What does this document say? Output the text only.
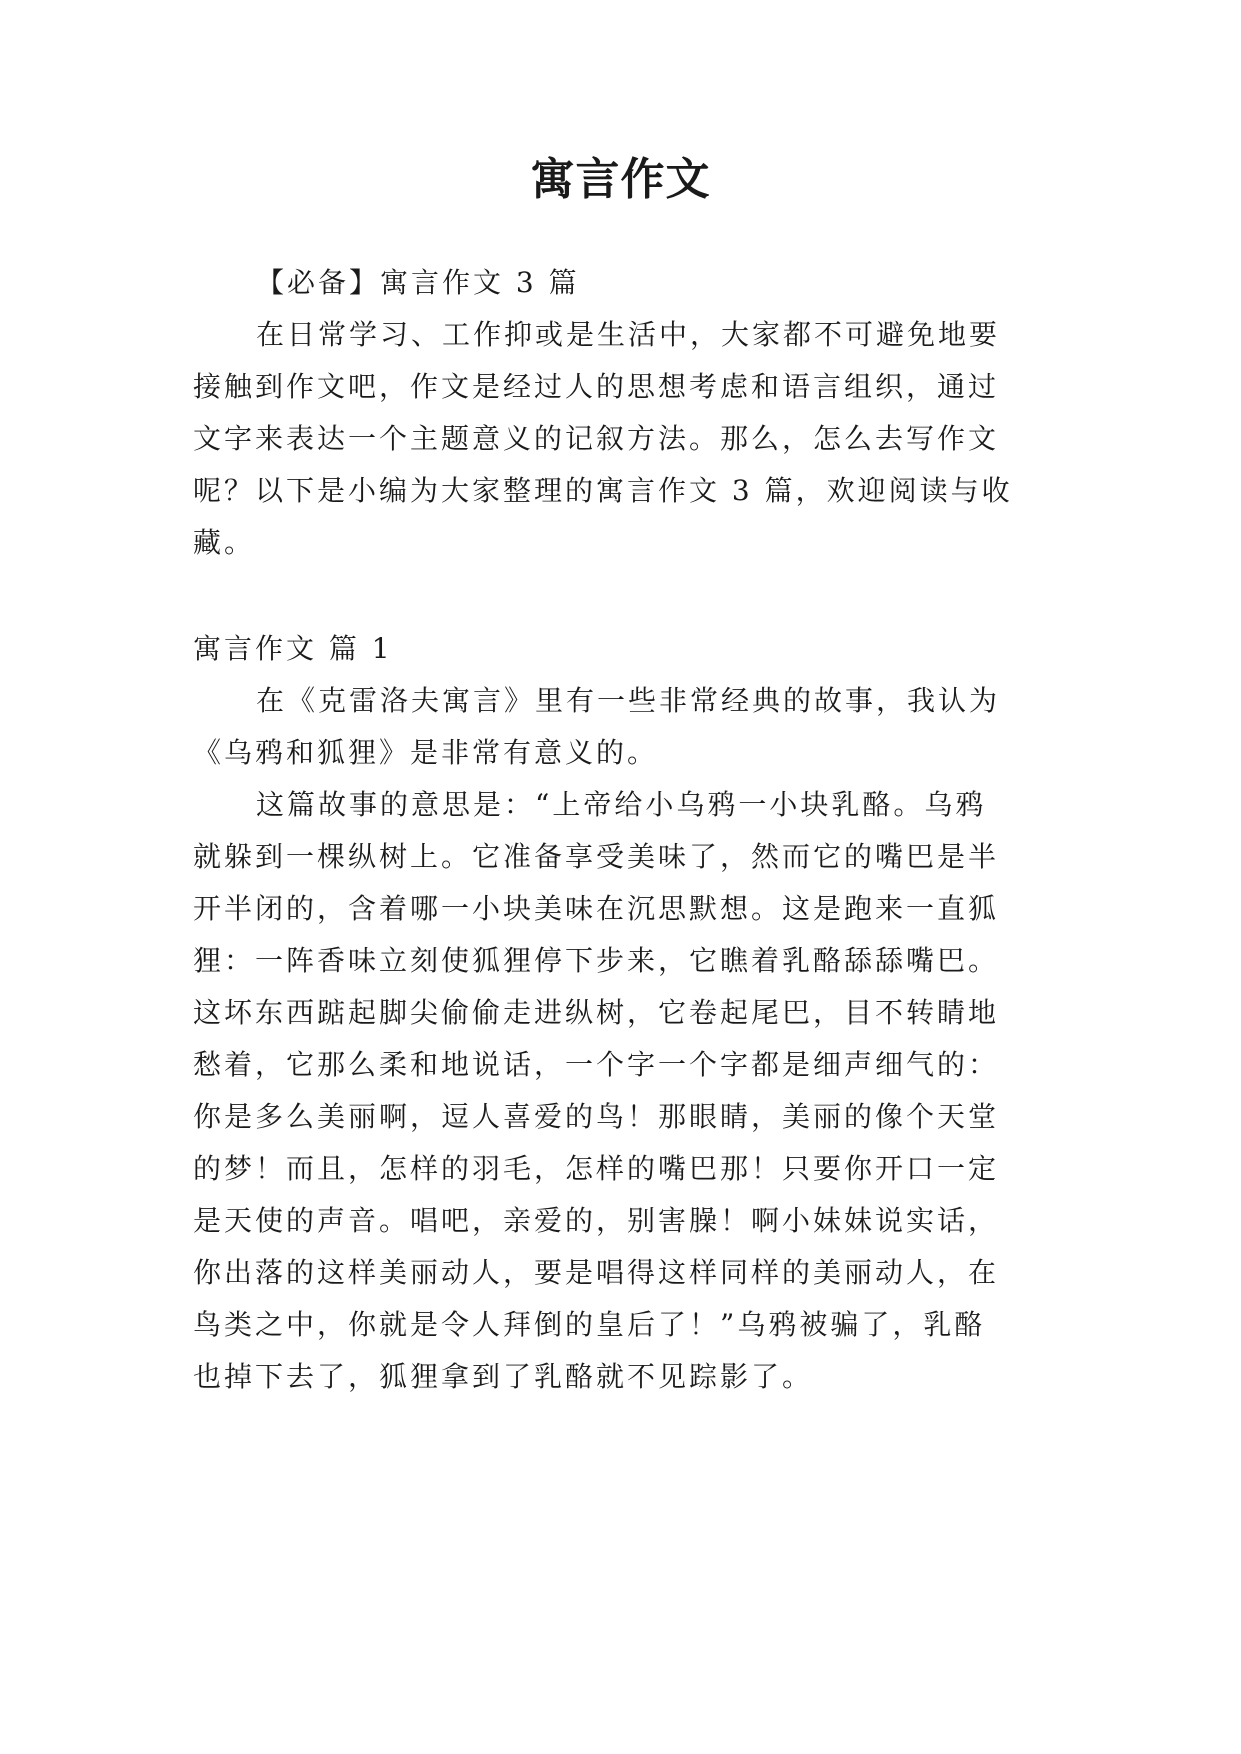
寓言作文
【必备】寓言作文 3 篇
在日常学习、工作抑或是生活中，大家都不可避免地要
接触到作文吧，作文是经过人的思想考虑和语言组织，通过
文字来表达一个主题意义的记叙方法。那么，怎么去写作文
呢？以下是小编为大家整理的寓言作文 3 篇，欢迎阅读与收
藏。
寓言作文 篇 1
在《克雷洛夫寓言》里有一些非常经典的故事，我认为
《乌鸦和狐狸》是非常有意义的。
这篇故事的意思是：“上帝给小乌鸦一小块乳酪。乌鸦
就躲到一棵纵树上。它准备享受美味了，然而它的嘴巴是半
开半闭的，含着哪一小块美味在沉思默想。这是跑来一直狐
狸：一阵香味立刻使狐狸停下步来，它瞧着乳酪舔舔嘴巴。
这坏东西踮起脚尖偷偷走进纵树，它卷起尾巴，目不转睛地
愁着，它那么柔和地说话，一个字一个字都是细声细气的：
你是多么美丽啊，逗人喜爱的鸟！那眼睛，美丽的像个天堂
的梦！而且，怎样的羽毛，怎样的嘴巴那！只要你开口一定
是天使的声音。唱吧，亲爱的，别害臊！啊小妹妹说实话，
你出落的这样美丽动人，要是唱得这样同样的美丽动人，在
鸟类之中，你就是令人拜倒的皇后了！”乌鸦被骗了，乳酪
也掉下去了，狐狸拿到了乳酪就不见踪影了。
